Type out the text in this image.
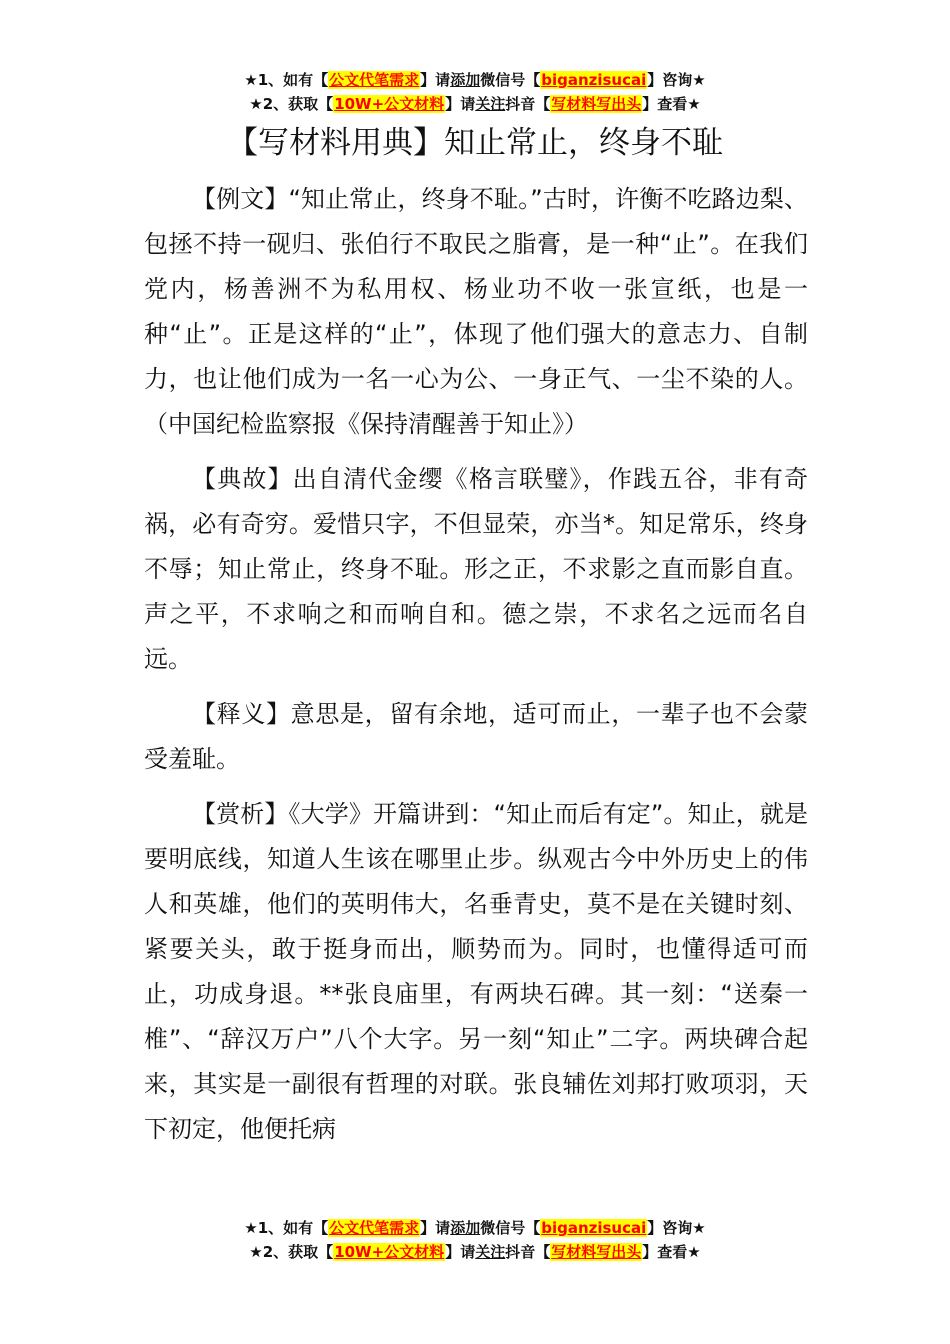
★1、如有【公文代笔需求】请添加微信号【biganzisucai】咨询★
★2、获取【10W+公文材料】请关注抖音【写材料写出头】查看★
【写材料用典】知止常止，终身不耻

【例文】“知止常止，终身不耻。”古时，许衡不吃路边梨、包拯不持一砚归、张伯行不取民之脂膏，是一种“止”。在我们党内，杨善洲不为私用权、杨业功不收一张宣纸，也是一种“止”。正是这样的“止”，体现了他们强大的意志力、自制力，也让他们成为一名一心为公、一身正气、一尘不染的人。（中国纪检监察报《保持清醒善于知止》）

【典故】出自清代金缨《格言联璧》，作践五谷，非有奇祸，必有奇穷。爱惜只字，不但显荣，亦当*。知足常乐，终身不辱；知止常止，终身不耻。形之正，不求影之直而影自直。声之平，不求响之和而响自和。德之崇，不求名之远而名自远。

【释义】意思是，留有余地，适可而止，一辈子也不会蒙受羞耻。

【赏析】《大学》开篇讲到：“知止而后有定”。知止，就是要明底线，知道人生该在哪里止步。纵观古今中外历史上的伟人和英雄，他们的英明伟大，名垂青史，莫不是在关键时刻、紧要关头，敢于挺身而出，顺势而为。同时，也懂得适可而止，功成身退。**张良庙里，有两块石碑。其一刻：“送秦一椎”、“辞汉万户”八个大字。另一刻“知止”二字。两块碑合起来，其实是一副很有哲理的对联。张良辅佐刘邦打败项羽，天下初定，他便托病

★1、如有【公文代笔需求】请添加微信号【biganzisucai】咨询★
★2、获取【10W+公文材料】请关注抖音【写材料写出头】查看★
